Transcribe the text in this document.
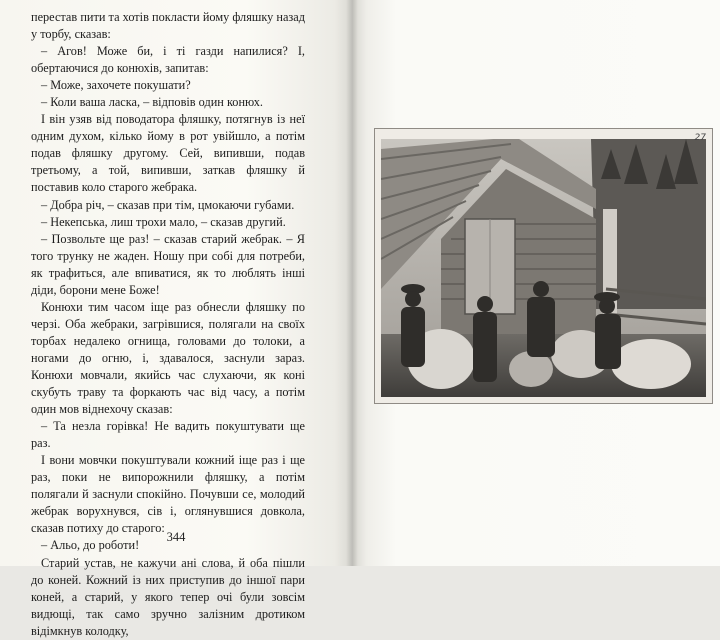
перестав пити та хотів покласти йому фляшку назад у торбу, сказав:

– Агов! Може би, і ті газди напилися? І, обертаючися до конюхів, запитав:

– Може, захочете покушати?

– Коли ваша ласка, – відповів один конюх.

І він узяв від поводатора фляшку, потягнув із неї одним духом, кілько йому в рот увійшло, а потім подав фляшку другому. Сей, випивши, подав третьому, а той, випивши, заткав фляшку й поставив коло старого жебрака.

– Добра річ, – сказав при тім, цмокаючи губами.

– Некепська, лиш трохи мало, – сказав другий.

– Позвольте ще раз! – сказав старий жебрак. – Я того трунку не жаден. Ношу при собі для потреби, як трафиться, але впиватися, як то люблять інші діди, борони мене Боже!

Конюхи тим часом іще раз обнесли фляшку по черзі. Оба жебраки, загрівшися, полягали на своїх торбах недалеко огнища, головами до толоки, а ногами до огню, і, здавалося, заснули зараз. Конюхи мовчали, якийсь час слухаючи, як коні скубуть траву та форкають час від часу, а потім один мов віднехочу сказав:

– Та незла горівка! Не вадить покуштувати ще раз.

І вони мовчки покуштували кожний іще раз і ще раз, поки не випорожнили фляшку, а потім полягали й заснули спокійно. Почувши се, молодий жебрак ворухнувся, сів і, оглянувшися довкола, сказав потиху до старого:

– Альо, до роботи!

Старий устав, не кажучи ані слова, й оба пішли до коней. Кожний із них приступив до іншої пари коней, а старий, у якого тепер очі були зовсім видющі, так само зручно залізним дротиком відімкнув колодку,

344
27
